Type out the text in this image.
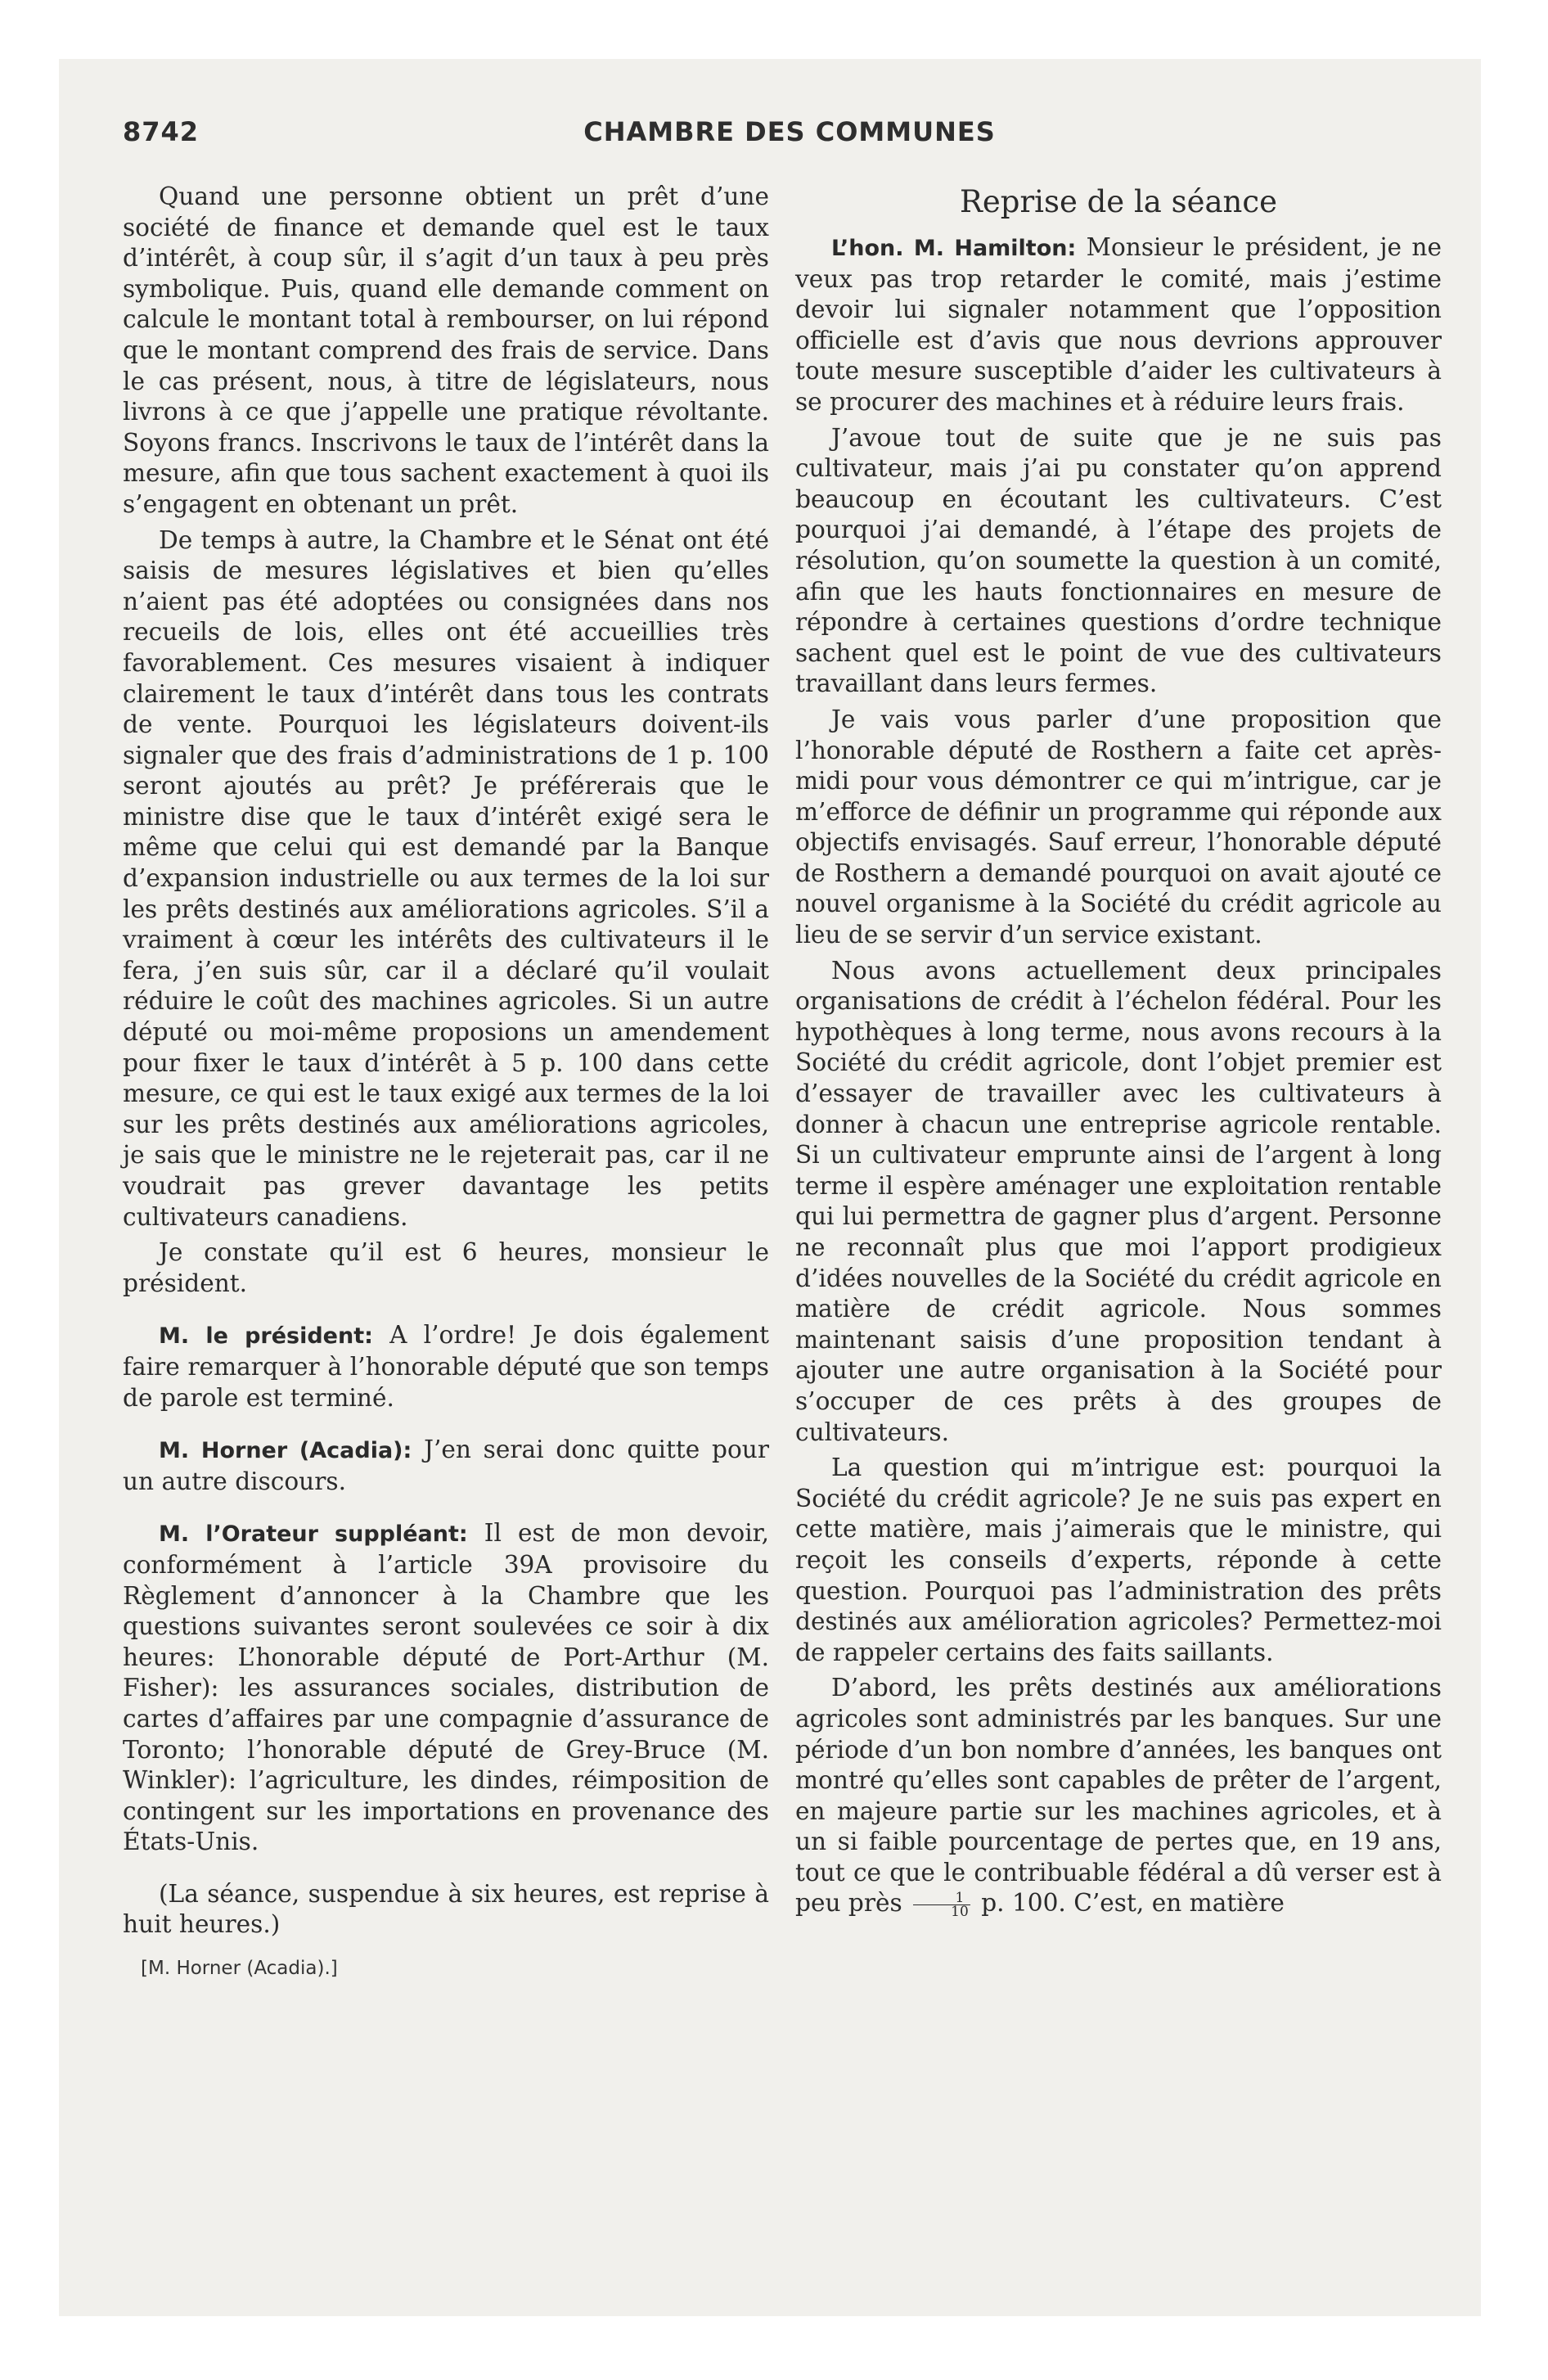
8742	CHAMBRE DES COMMUNES

Quand une personne obtient un prêt d’une société de finance et demande quel est le taux d’intérêt, à coup sûr, il s’agit d’un taux à peu près symbolique. Puis, quand elle demande comment on calcule le montant total à rembourser, on lui répond que le montant comprend des frais de service. Dans le cas présent, nous, à titre de législateurs, nous livrons à ce que j’appelle une pratique révoltante. Soyons francs. Inscrivons le taux de l’intérêt dans la mesure, afin que tous sachent exactement à quoi ils s’engagent en obtenant un prêt.

De temps à autre, la Chambre et le Sénat ont été saisis de mesures législatives et bien qu’elles n’aient pas été adoptées ou consignées dans nos recueils de lois, elles ont été accueillies très favorablement. Ces mesures visaient à indiquer clairement le taux d’intérêt dans tous les contrats de vente. Pourquoi les législateurs doivent-ils signaler que des frais d’administrations de 1 p. 100 seront ajoutés au prêt? Je préférerais que le ministre dise que le taux d’intérêt exigé sera le même que celui qui est demandé par la Banque d’expansion industrielle ou aux termes de la loi sur les prêts destinés aux améliorations agricoles. S’il a vraiment à cœur les intérêts des cultivateurs il le fera, j’en suis sûr, car il a déclaré qu’il voulait réduire le coût des machines agricoles. Si un autre député ou moi-même proposions un amendement pour fixer le taux d’intérêt à 5 p. 100 dans cette mesure, ce qui est le taux exigé aux termes de la loi sur les prêts destinés aux améliorations agricoles, je sais que le ministre ne le rejeterait pas, car il ne voudrait pas grever davantage les petits cultivateurs canadiens.

Je constate qu’il est 6 heures, monsieur le président.

M. le président: A l’ordre! Je dois également faire remarquer à l’honorable député que son temps de parole est terminé.

M. Horner (Acadia): J’en serai donc quitte pour un autre discours.

M. l’Orateur suppléant: Il est de mon devoir, conformément à l’article 39A provisoire du Règlement d’annoncer à la Chambre que les questions suivantes seront soulevées ce soir à dix heures: L’honorable député de Port-Arthur (M. Fisher): les assurances sociales, distribution de cartes d’affaires par une compagnie d’assurance de Toronto; l’honorable député de Grey-Bruce (M. Winkler): l’agriculture, les dindes, réimposition de contingent sur les importations en provenance des États-Unis.

(La séance, suspendue à six heures, est reprise à huit heures.)

[M. Horner (Acadia).]
Reprise de la séance

L’hon. M. Hamilton: Monsieur le président, je ne veux pas trop retarder le comité, mais j’estime devoir lui signaler notamment que l’opposition officielle est d’avis que nous devrions approuver toute mesure susceptible d’aider les cultivateurs à se procurer des machines et à réduire leurs frais.

J’avoue tout de suite que je ne suis pas cultivateur, mais j’ai pu constater qu’on apprend beaucoup en écoutant les cultivateurs. C’est pourquoi j’ai demandé, à l’étape des projets de résolution, qu’on soumette la question à un comité, afin que les hauts fonctionnaires en mesure de répondre à certaines questions d’ordre technique sachent quel est le point de vue des cultivateurs travaillant dans leurs fermes.

Je vais vous parler d’une proposition que l’honorable député de Rosthern a faite cet après-midi pour vous démontrer ce qui m’intrigue, car je m’efforce de définir un programme qui réponde aux objectifs envisagés. Sauf erreur, l’honorable député de Rosthern a demandé pourquoi on avait ajouté ce nouvel organisme à la Société du crédit agricole au lieu de se servir d’un service existant.

Nous avons actuellement deux principales organisations de crédit à l’échelon fédéral. Pour les hypothèques à long terme, nous avons recours à la Société du crédit agricole, dont l’objet premier est d’essayer de travailler avec les cultivateurs à donner à chacun une entreprise agricole rentable. Si un cultivateur emprunte ainsi de l’argent à long terme il espère aménager une exploitation rentable qui lui permettra de gagner plus d’argent. Personne ne reconnaît plus que moi l’apport prodigieux d’idées nouvelles de la Société du crédit agricole en matière de crédit agricole. Nous sommes maintenant saisis d’une proposition tendant à ajouter une autre organisation à la Société pour s’occuper de ces prêts à des groupes de cultivateurs.

La question qui m’intrigue est: pourquoi la Société du crédit agricole? Je ne suis pas expert en cette matière, mais j’aimerais que le ministre, qui reçoit les conseils d’experts, réponde à cette question. Pourquoi pas l’administration des prêts destinés aux amélioration agricoles? Permettez-moi de rappeler certains des faits saillants.

D’abord, les prêts destinés aux améliorations agricoles sont administrés par les banques. Sur une période d’un bon nombre d’années, les banques ont montré qu’elles sont capables de prêter de l’argent, en majeure partie sur les machines agricoles, et à un si faible pourcentage de pertes que, en 19 ans, tout ce que le contribuable fédéral a dû verser est à peu près $\frac{1}{10} p$. 100. C’est, en matière
